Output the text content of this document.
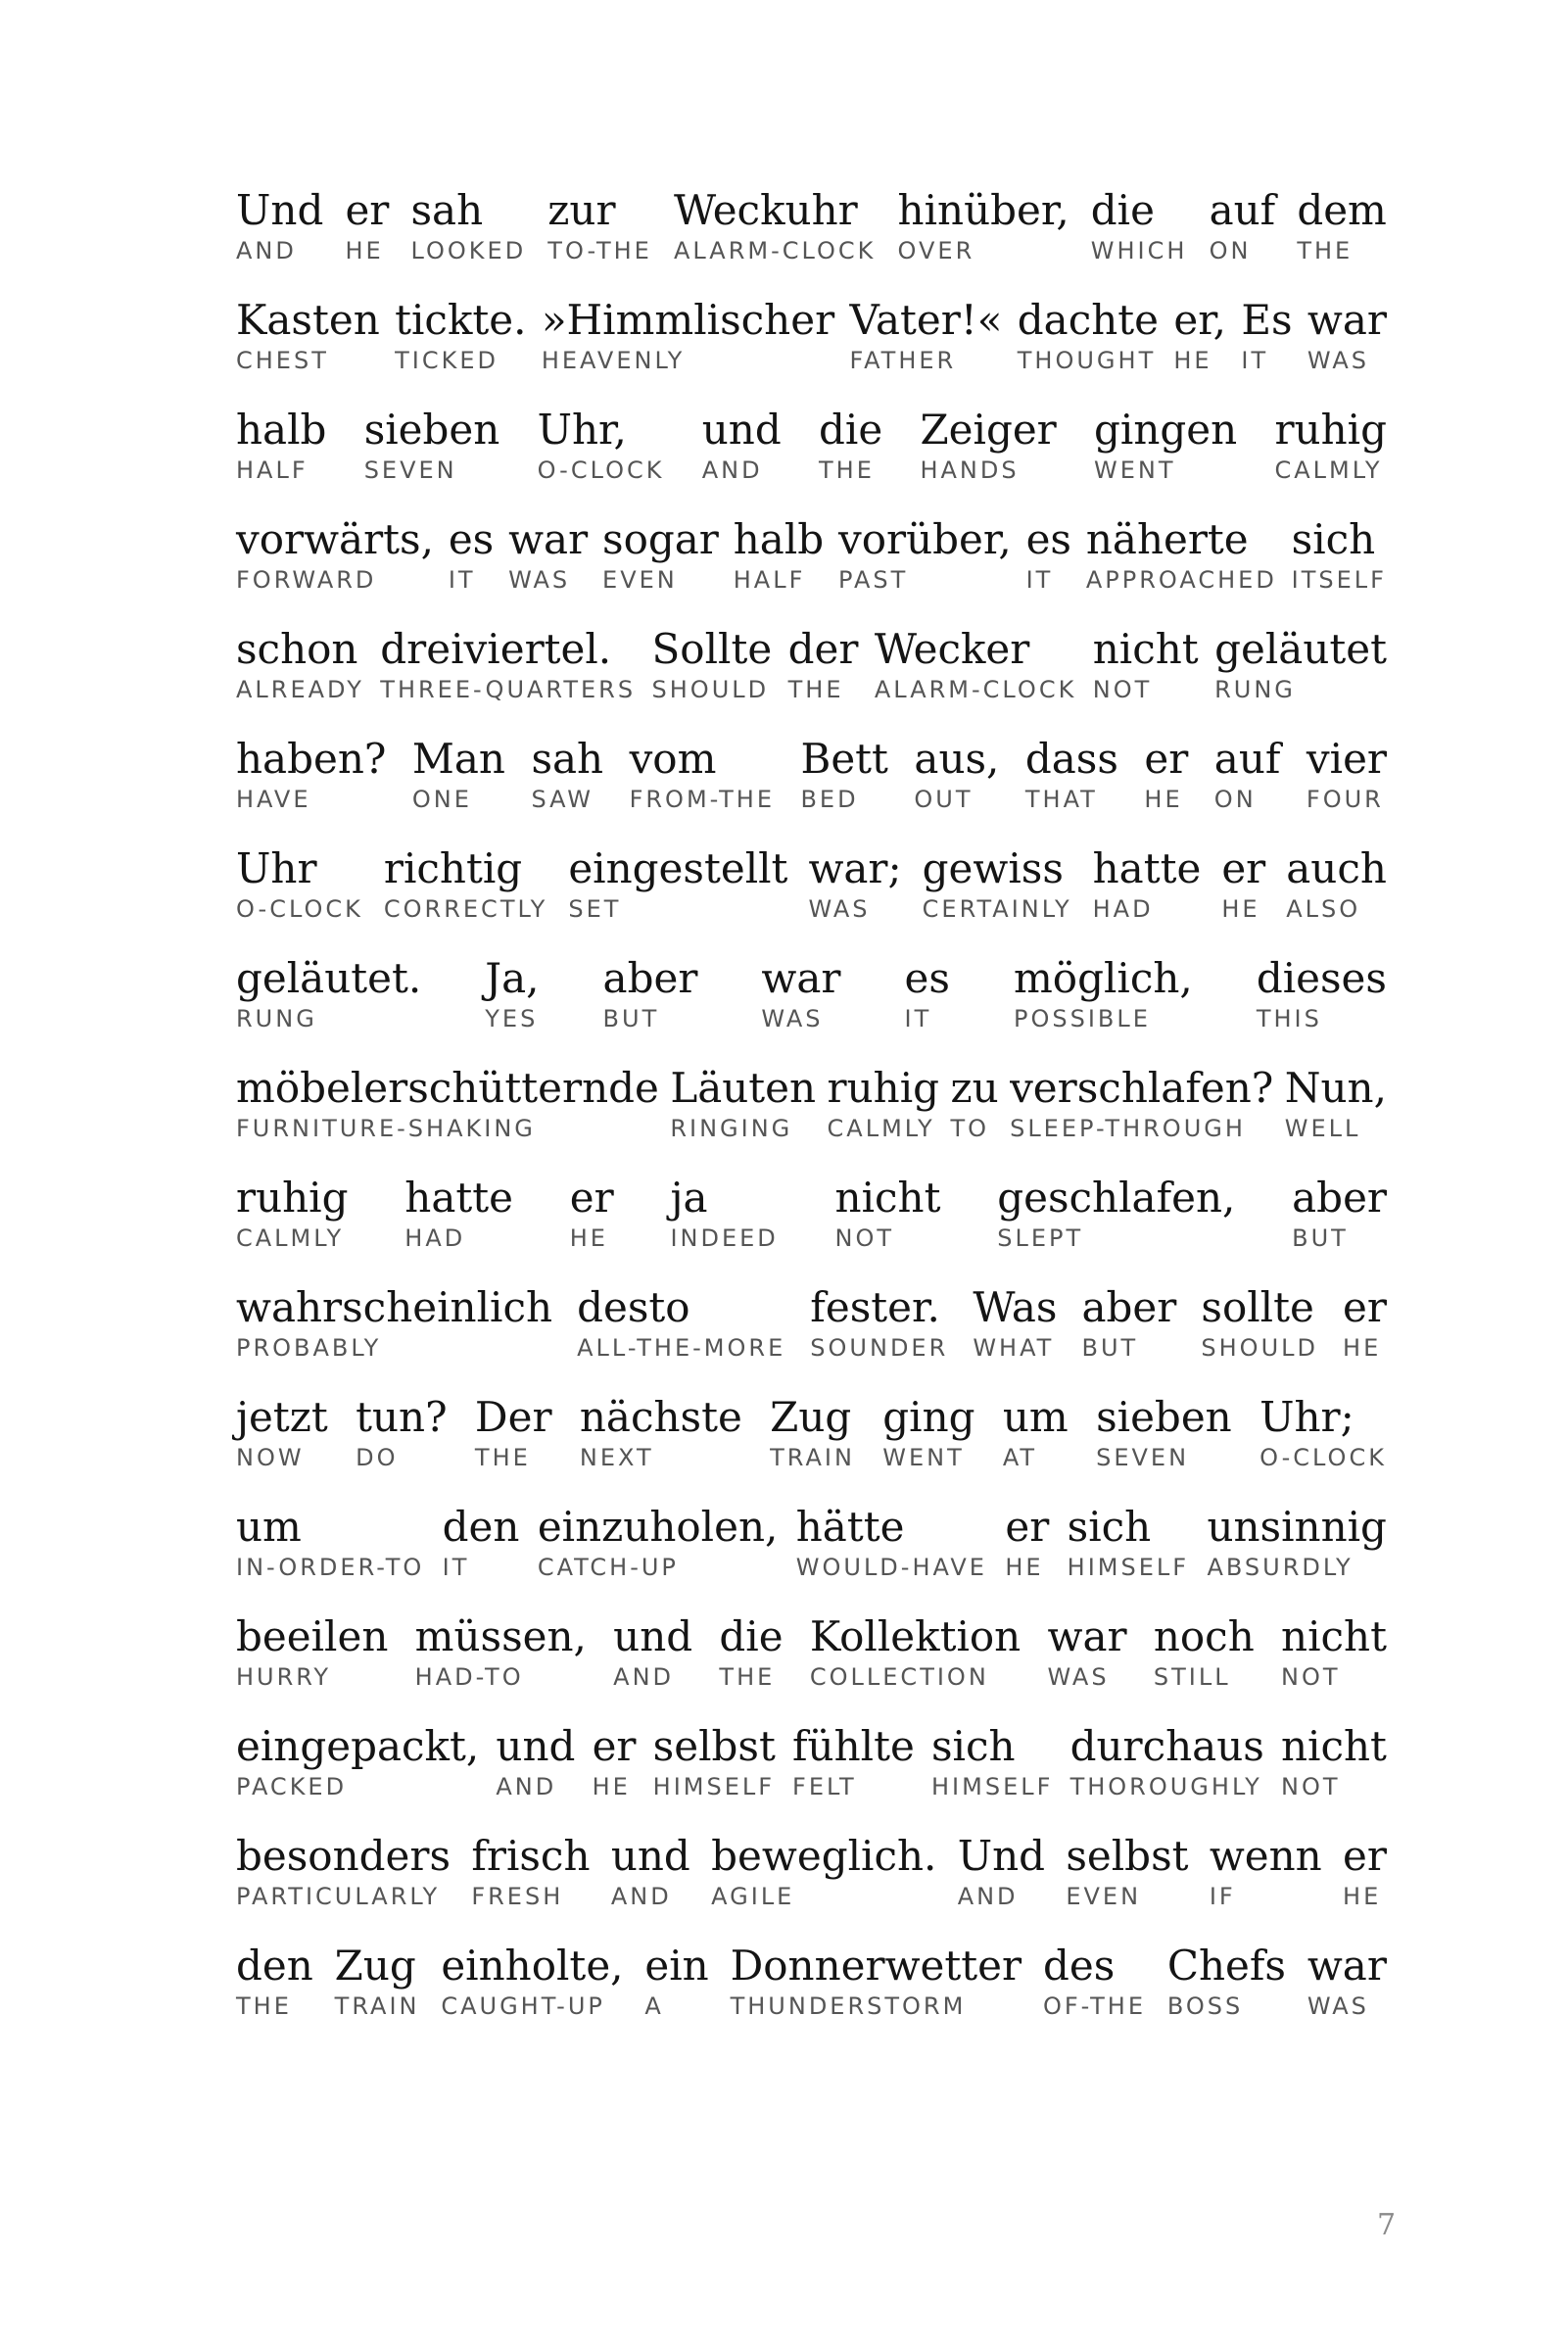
Und
AND
er
HE
sah
LOOKED
zur
TO-THE
Weckuhr
ALARM-CLOCK
hinüber,
OVER
die
WHICH
auf
ON
dem
THE
Kasten
CHEST
tickte.
TICKED
»Himmlischer
HEAVENLY
Vater!«
FATHER
dachte
THOUGHT
er,
HE
Es
IT
war
WAS
halb
HALF
sieben
SEVEN
Uhr,
O-CLOCK
und
AND
die
THE
Zeiger
HANDS
gingen
WENT
ruhig
CALMLY
vorwärts,
FORWARD
es
IT
war
WAS
sogar
EVEN
halb
HALF
vorüber,
PAST
es
IT
näherte
APPROACHED
sich
ITSELF
schon
ALREADY
dreiviertel.
THREE-QUARTERS
Sollte
SHOULD
der
THE
Wecker
ALARM-CLOCK
nicht
NOT
geläutet
RUNG
haben?
HAVE
Man
ONE
sah
SAW
vom
FROM-THE
Bett
BED
aus,
OUT
dass
THAT
er
HE
auf
ON
vier
FOUR
Uhr
O-CLOCK
richtig
CORRECTLY
eingestellt
SET
war;
WAS
gewiss
CERTAINLY
hatte
HAD
er
HE
auch
ALSO
geläutet.
RUNG
Ja,
YES
aber
BUT
war
WAS
es
IT
möglich,
POSSIBLE
dieses
THIS
möbelerschütternde
FURNITURE-SHAKING
Läuten
RINGING
ruhig
CALMLY
zu
TO
verschlafen?
SLEEP-THROUGH
Nun,
WELL
ruhig
CALMLY
hatte
HAD
er
HE
ja
INDEED
nicht
NOT
geschlafen,
SLEPT
aber
BUT
wahrscheinlich
PROBABLY
desto
ALL-THE-MORE
fester.
SOUNDER
Was
WHAT
aber
BUT
sollte
SHOULD
er
HE
jetzt
NOW
tun?
DO
Der
THE
nächste
NEXT
Zug
TRAIN
ging
WENT
um
AT
sieben
SEVEN
Uhr;
O-CLOCK
um
IN-ORDER-TO
den
IT
einzuholen,
CATCH-UP
hätte
WOULD-HAVE
er
HE
sich
HIMSELF
unsinnig
ABSURDLY
beeilen
HURRY
müssen,
HAD-TO
und
AND
die
THE
Kollektion
COLLECTION
war
WAS
noch
STILL
nicht
NOT
eingepackt,
PACKED
und
AND
er
HE
selbst
HIMSELF
fühlte
FELT
sich
HIMSELF
durchaus
THOROUGHLY
nicht
NOT
besonders
PARTICULARLY
frisch
FRESH
und
AND
beweglich.
AGILE
Und
AND
selbst
EVEN
wenn
IF
er
HE
den
THE
Zug
TRAIN
einholte,
CAUGHT-UP
ein
A
Donnerwetter
THUNDERSTORM
des
OF-THE
Chefs
BOSS
war
WAS
7
